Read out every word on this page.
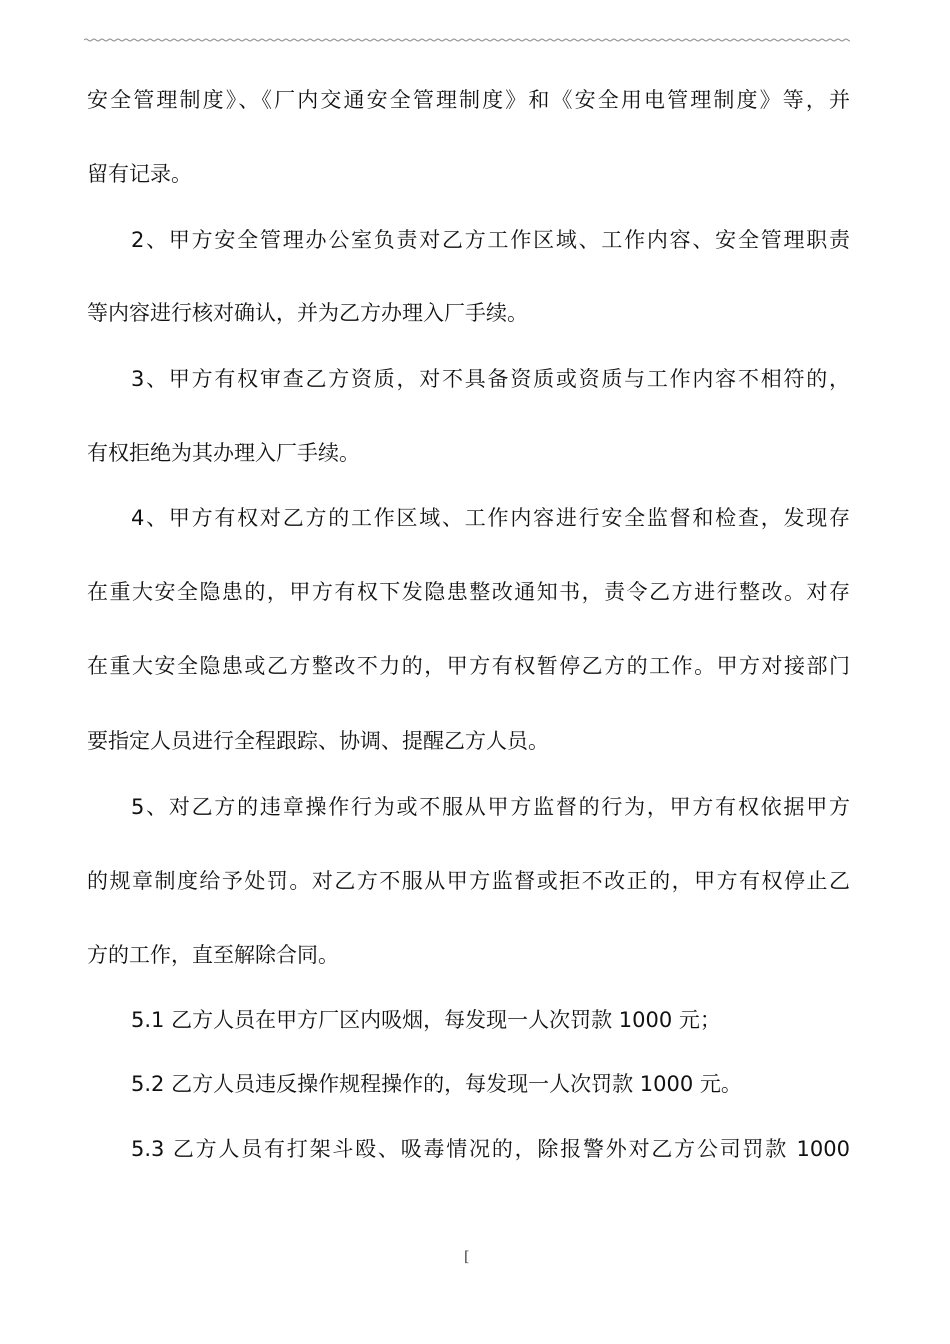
安全管理制度》、《厂内交通安全管理制度》和《安全用电管理制度》等，并

留有记录。

2、甲方安全管理办公室负责对乙方工作区域、工作内容、安全管理职责

等内容进行核对确认，并为乙方办理入厂手续。

3、甲方有权审查乙方资质，对不具备资质或资质与工作内容不相符的，

有权拒绝为其办理入厂手续。

4、甲方有权对乙方的工作区域、工作内容进行安全监督和检查，发现存

在重大安全隐患的，甲方有权下发隐患整改通知书，责令乙方进行整改。对存

在重大安全隐患或乙方整改不力的，甲方有权暂停乙方的工作。甲方对接部门

要指定人员进行全程跟踪、协调、提醒乙方人员。

5、对乙方的违章操作行为或不服从甲方监督的行为，甲方有权依据甲方

的规章制度给予处罚。对乙方不服从甲方监督或拒不改正的，甲方有权停止乙

方的工作，直至解除合同。

5.1 乙方人员在甲方厂区内吸烟，每发现一人次罚款 1000 元；

5.2 乙方人员违反操作规程操作的，每发现一人次罚款 1000 元。

5.3 乙方人员有打架斗殴、吸毒情况的，除报警外对乙方公司罚款 1000

[
